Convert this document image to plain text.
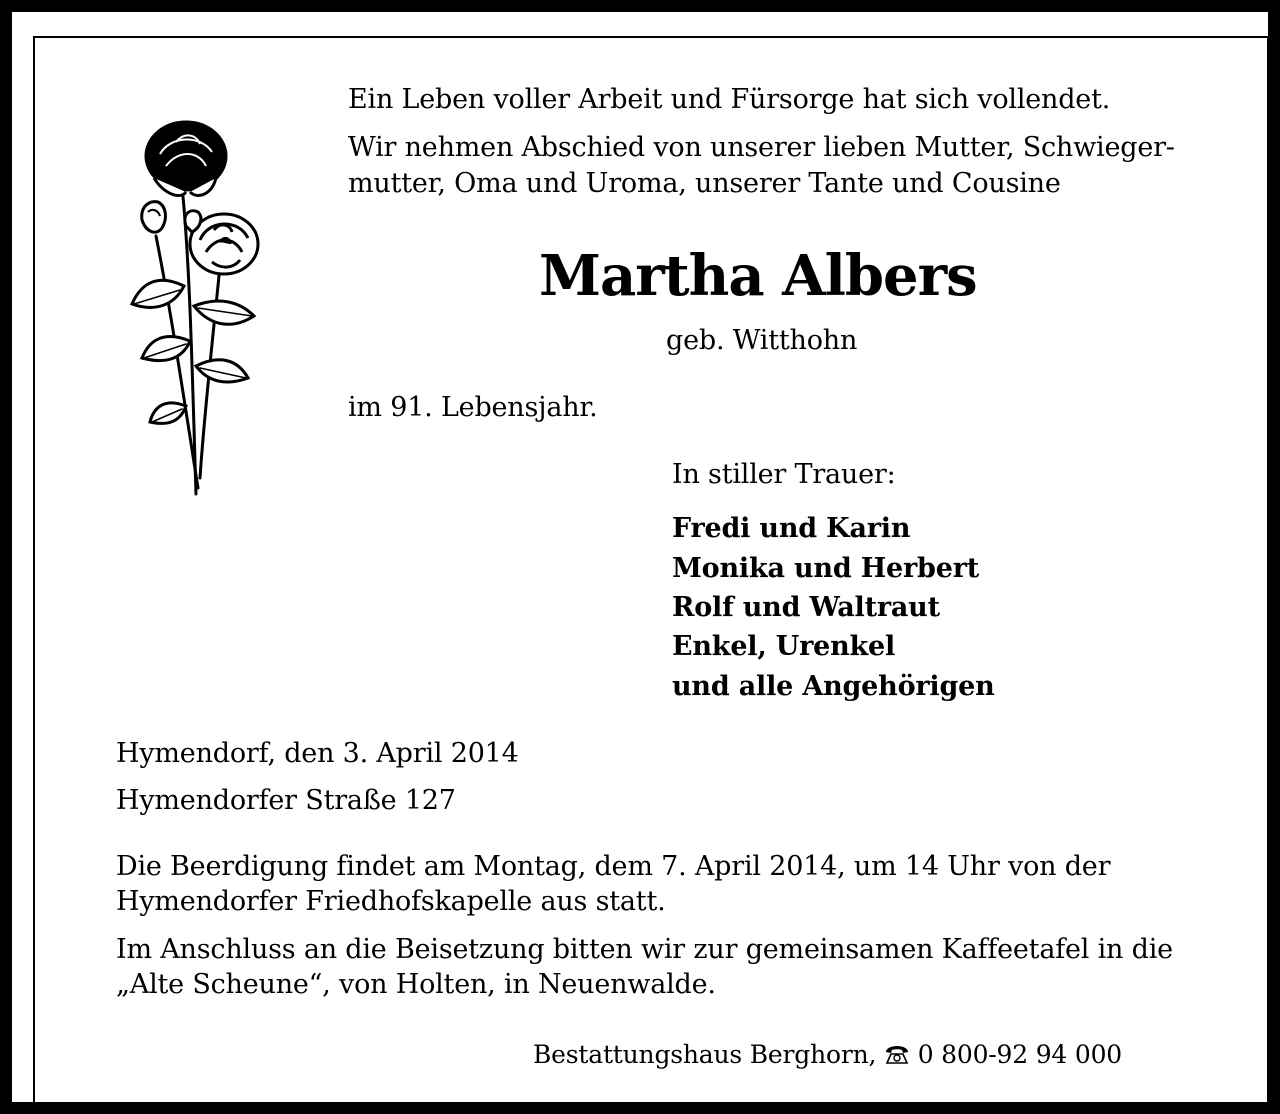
Ein Leben voller Arbeit und Fürsorge hat sich vollendet.

Wir nehmen Abschied von unserer lieben Mutter, Schwieger-

mutter, Oma und Uroma, unserer Tante und Cousine

Martha Albers

geb. Witthohn

im 91. Lebensjahr.

In stiller Trauer:

Fredi und Karin

Monika und Herbert

Rolf und Waltraut

Enkel, Urenkel

und alle Angehörigen

Hymendorf, den 3. April 2014

Hymendorfer Straße 127

Die Beerdigung findet am Montag, dem 7. April 2014, um 14 Uhr von der

Hymendorfer Friedhofskapelle aus statt.

Im Anschluss an die Beisetzung bitten wir zur gemeinsamen Kaffeetafel in die

„Alte Scheune“, von Holten, in Neuenwalde.

Bestattungshaus Berghorn, 0 800-92 94 000
